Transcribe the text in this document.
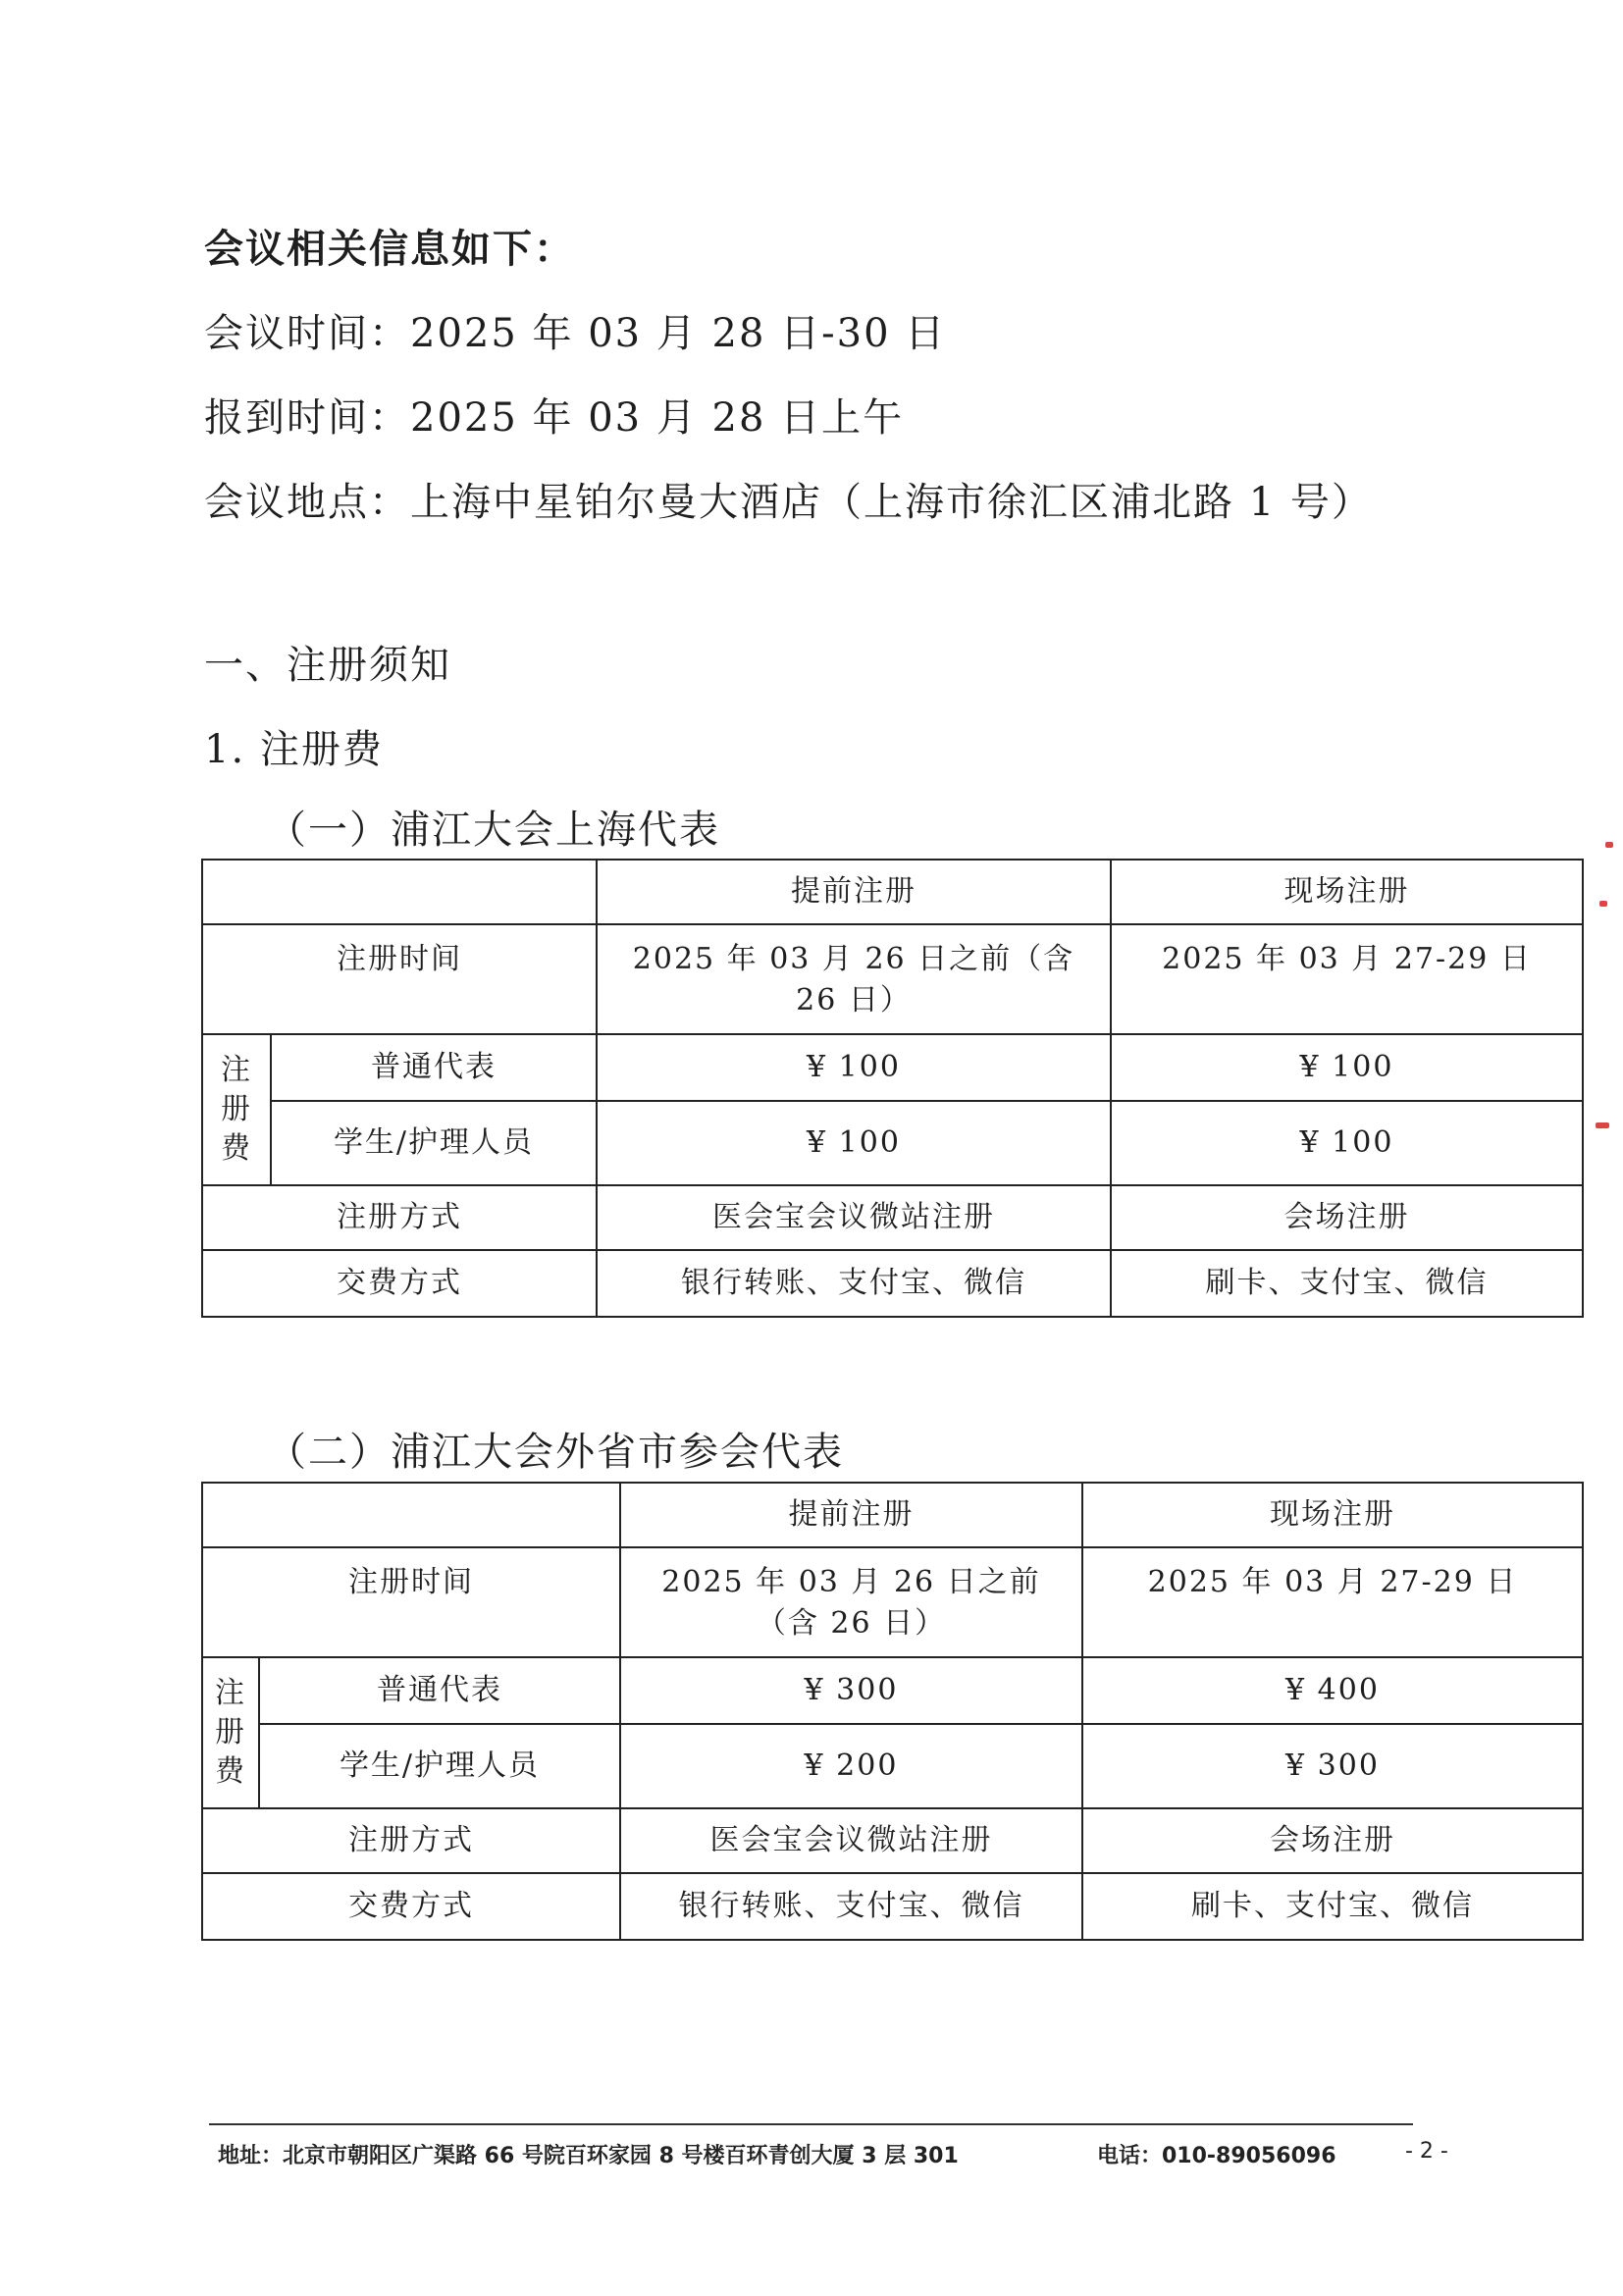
会议相关信息如下：
会议时间：2025 年 03 月 28 日-30 日
报到时间：2025 年 03 月 28 日上午
会议地点：上海中星铂尔曼大酒店（上海市徐汇区浦北路 1 号）
一、注册须知
1. 注册费
（一）浦江大会上海代表
		提前注册	现场注册
注册时间		2025 年 03 月 26 日之前（含 26 日）	2025 年 03 月 27-29 日
注册费	普通代表	¥ 100	¥ 100
	学生/护理人员	¥ 100	¥ 100
注册方式		医会宝会议微站注册	会场注册
交费方式		银行转账、支付宝、微信	刷卡、支付宝、微信
（二）浦江大会外省市参会代表
		提前注册	现场注册
注册时间		2025 年 03 月 26 日之前（含 26 日）	2025 年 03 月 27-29 日
注册费	普通代表	¥ 300	¥ 400
	学生/护理人员	¥ 200	¥ 300
注册方式		医会宝会议微站注册	会场注册
交费方式		银行转账、支付宝、微信	刷卡、支付宝、微信
地址：北京市朝阳区广渠路 66 号院百环家园 8 号楼百环青创大厦 3 层 301	电话：010-89056096	- 2 -
